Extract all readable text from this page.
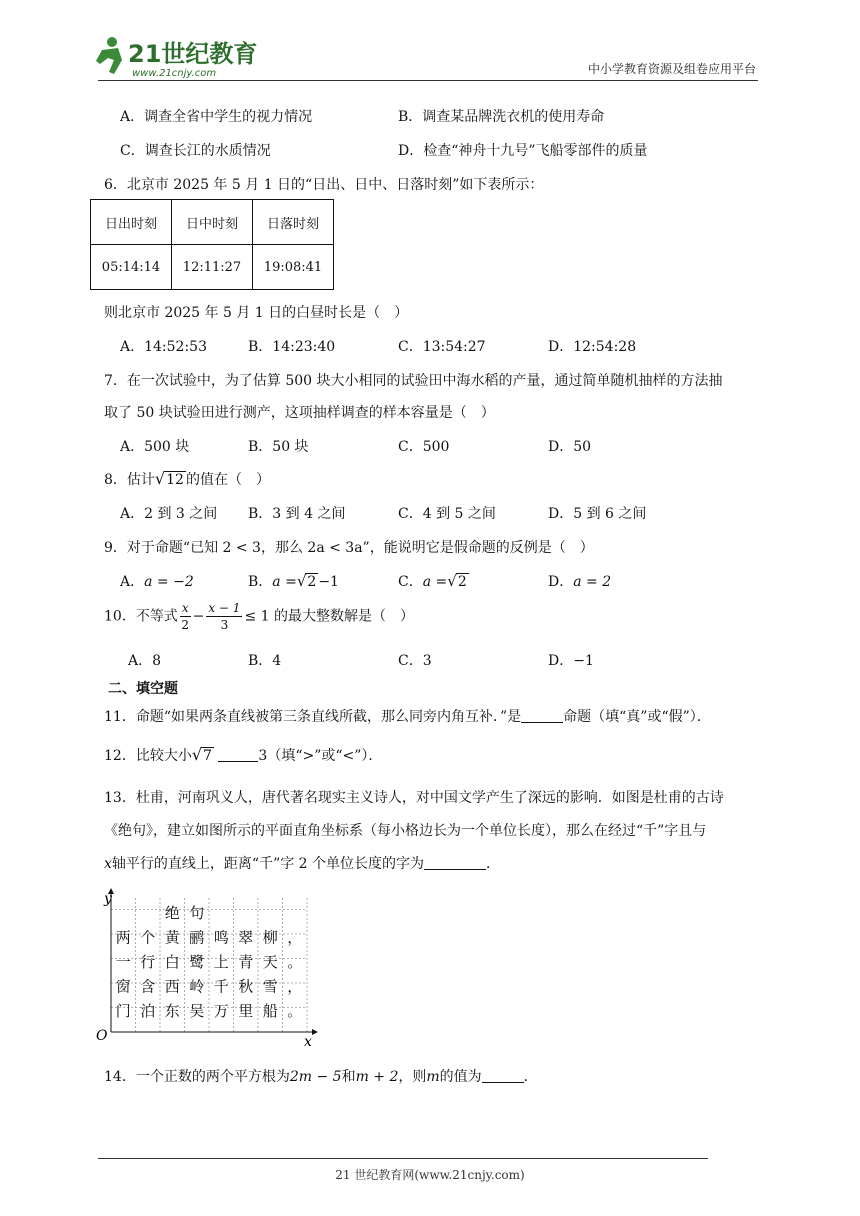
21世纪教育
www.21cnjy.com	中小学教育资源及组卷应用平台
A．调查全省中学生的视力情况	B．调查某品牌洗衣机的使用寿命
C．调查长江的水质情况	D．检查“神舟十九号”飞船零部件的质量
6．北京市 2025 年 5 月 1 日的“日出、日中、日落时刻”如下表所示：
日出时刻	日中时刻	日落时刻
05:14:14	12:11:27	19:08:41
则北京市 2025 年 5 月 1 日的白昼时长是（　）
A．14:52:53	B．14:23:40	C．13:54:27	D．12:54:28
7．在一次试验中，为了估算 500 块大小相同的试验田中海水稻的产量，通过简单随机抽样的方法抽
取了 50 块试验田进行测产，这项抽样调查的样本容量是（　）
A．500 块	B．50 块	C．500	D．50
8．估计√12 的值在（　）
A．2 到 3 之间 B．3 到 4 之间	C．4 到 5 之间	D．5 到 6 之间
9．对于命题“已知 2 < 3，那么 2a < 3a”，能说明它是假命题的反例是（　）
A．a = −2	B．a =√2 −1	C．a =√2	D．a = 2
10．不等式 $\frac{x}{2} - \frac{x - 1}{3} \le 1$ 的最大整数解是（　）
A．8	B．4	C．3	D．−1
二、填空题
11．命题“如果两条直线被第三条直线所截，那么同旁内角互补．”是	命题（填“真”或“假”）．
12．比较大小√7	3（填“>”或“<”）．
13．杜甫，河南巩义人，唐代著名现实主义诗人，对中国文学产生了深远的影响．如图是杜甫的古诗
《绝句》，建立如图所示的平面直角坐标系（每小格边长为一个单位长度），那么在经过“千”字且与
x轴平行的直线上，距离“千”字 2 个单位长度的字为	．
y
x
O
绝 句
两 个 黄 鹂 鸣 翠 柳 ，
一 行 白 鹭 上 青 天 。
窗 含 西 岭 千 秋 雪 ，
门 泊 东 吴 万 里 船 。
14．一个正数的两个平方根为2m − 5和m + 2，则m的值为	．
21 世纪教育网(www.21cnjy.com)
